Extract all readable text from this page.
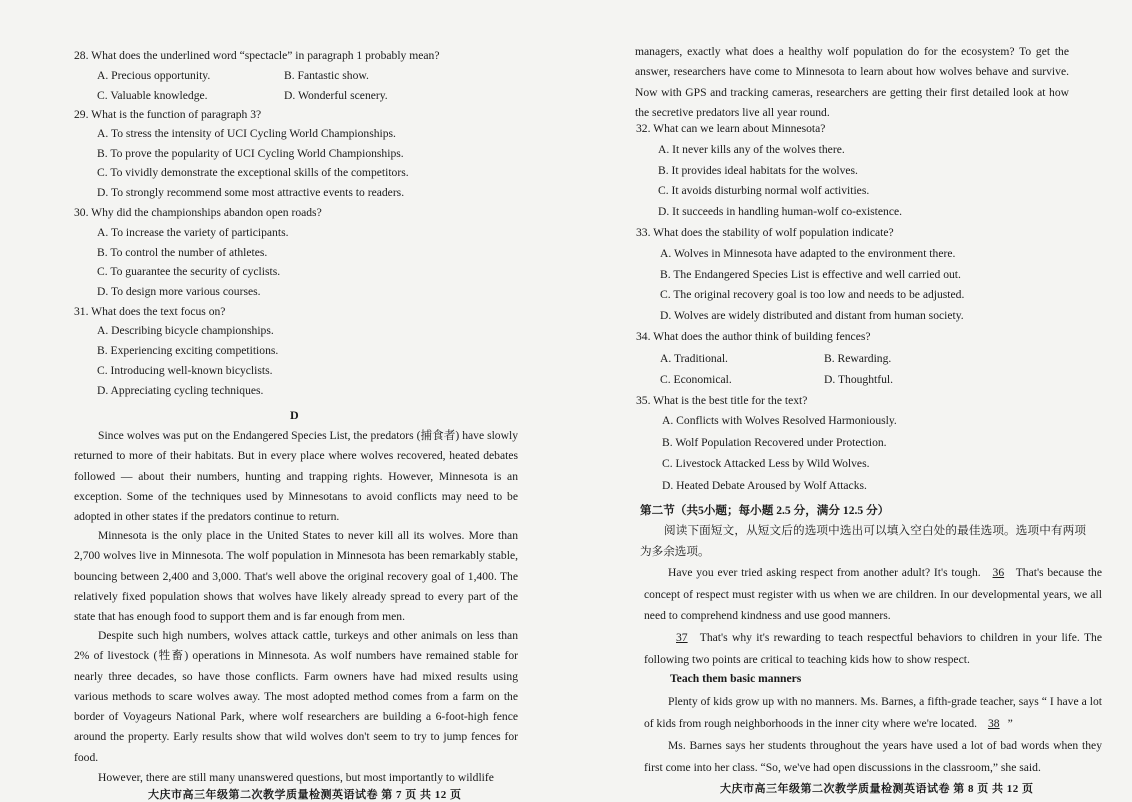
28. What does the underlined word “spectacle” in paragraph 1 probably mean?
A. Precious opportunity.	B. Fantastic show.
C. Valuable knowledge.	D. Wonderful scenery.
29. What is the function of paragraph 3?
A. To stress the intensity of UCI Cycling World Championships.
B. To prove the popularity of UCI Cycling World Championships.
C. To vividly demonstrate the exceptional skills of the competitors.
D. To strongly recommend some most attractive events to readers.
30. Why did the championships abandon open roads?
A. To increase the variety of participants.
B. To control the number of athletes.
C. To guarantee the security of cyclists.
D. To design more various courses.
31. What does the text focus on?
A. Describing bicycle championships.
B. Experiencing exciting competitions.
C. Introducing well-known bicyclists.
D. Appreciating cycling techniques.
D
Since wolves was put on the Endangered Species List, the predators (捕食者) have slowly returned to more of their habitats. But in every place where wolves recovered, heated debates followed — about their numbers, hunting and trapping rights. However, Minnesota is an exception. Some of the techniques used by Minnesotans to avoid conflicts may need to be adopted in other states if the predators continue to return.
Minnesota is the only place in the United States to never kill all its wolves. More than 2,700 wolves live in Minnesota. The wolf population in Minnesota has been remarkably stable, bouncing between 2,400 and 3,000. That's well above the original recovery goal of 1,400. The relatively fixed population shows that wolves have likely already spread to every part of the state that has enough food to support them and is far enough from men.
Despite such high numbers, wolves attack cattle, turkeys and other animals on less than 2% of livestock (牲畜) operations in Minnesota. As wolf numbers have remained stable for nearly three decades, so have those conflicts. Farm owners have had mixed results using various methods to scare wolves away. The most adopted method comes from a farm on the border of Voyageurs National Park, where wolf researchers are building a 6-foot-high fence around the property. Early results show that wild wolves don't seem to try to jump fences for food.
However, there are still many unanswered questions, but most importantly to wildlife
大庆市高三年级第二次教学质量检测英语试卷 第 7 页 共 12 页
managers, exactly what does a healthy wolf population do for the ecosystem? To get the answer, researchers have come to Minnesota to learn about how wolves behave and survive. Now with GPS and tracking cameras, researchers are getting their first detailed look at how the secretive predators live all year round.
32. What can we learn about Minnesota?
A. It never kills any of the wolves there.
B. It provides ideal habitats for the wolves.
C. It avoids disturbing normal wolf activities.
D. It succeeds in handling human-wolf co-existence.
33. What does the stability of wolf population indicate?
A. Wolves in Minnesota have adapted to the environment there.
B. The Endangered Species List is effective and well carried out.
C. The original recovery goal is too low and needs to be adjusted.
D. Wolves are widely distributed and distant from human society.
34. What does the author think of building fences?
A. Traditional.	B. Rewarding.
C. Economical.	D. Thoughtful.
35. What is the best title for the text?
A. Conflicts with Wolves Resolved Harmoniously.
B. Wolf Population Recovered under Protection.
C. Livestock Attacked Less by Wild Wolves.
D. Heated Debate Aroused by Wolf Attacks.
第二节（共5小题；每小题 2.5 分，满分 12.5 分）
阅读下面短文，从短文后的选项中选出可以填入空白处的最佳选项。选项中有两项为多余选项。
Have you ever tried asking respect from another adult? It's tough. 36 That's because the concept of respect must register with us when we are children. In our developmental years, we all need to comprehend kindness and use good manners.
37 That's why it's rewarding to teach respectful behaviors to children in your life. The following two points are critical to teaching kids how to show respect.
Teach them basic manners
Plenty of kids grow up with no manners. Ms. Barnes, a fifth-grade teacher, says “ I have a lot of kids from rough neighborhoods in the inner city where we're located. 38 ”
Ms. Barnes says her students throughout the years have used a lot of bad words when they first come into her class. “So, we've had open discussions in the classroom,” she said.
大庆市高三年级第二次教学质量检测英语试卷 第 8 页 共 12 页
